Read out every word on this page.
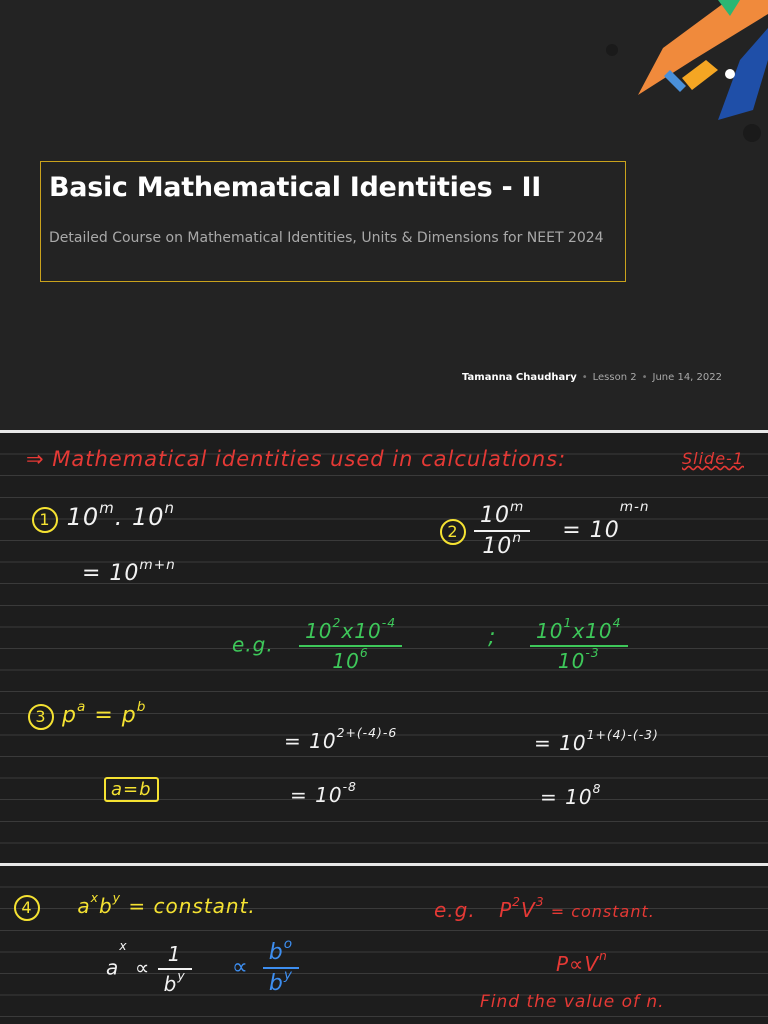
Basic Mathematical Identities - II
Detailed Course on Mathematical Identities, Units & Dimensions for NEET 2024
Tamanna Chaudhary • Lesson 2 • June 14, 2022
⇒ Mathematical identities used in calculations:	Slide-1
1 10$^m$. $10^n$
= $10^{m+n}$
$2 \frac{10^m}{10^n} = 10^{m-n}$
e.g. $\frac{10^2x10^{-4}}{10^6}$	; $\frac{10^1x10^4}{10^{-3}}$
3 $p^a = p^b$
a=b
= $10^{2+(-4)-6}$
= $10^{-8}$
= $10^{1+(4)-(-3)}$
= $10^8$
4 $a^xb^y$ = constant.
$a^x \propto \frac{1}{b^y} \propto \frac{b^o}{b^y}$
e.g. $P^2V^3$ = constant.
$P\propto V^n$
Find the value of n.
